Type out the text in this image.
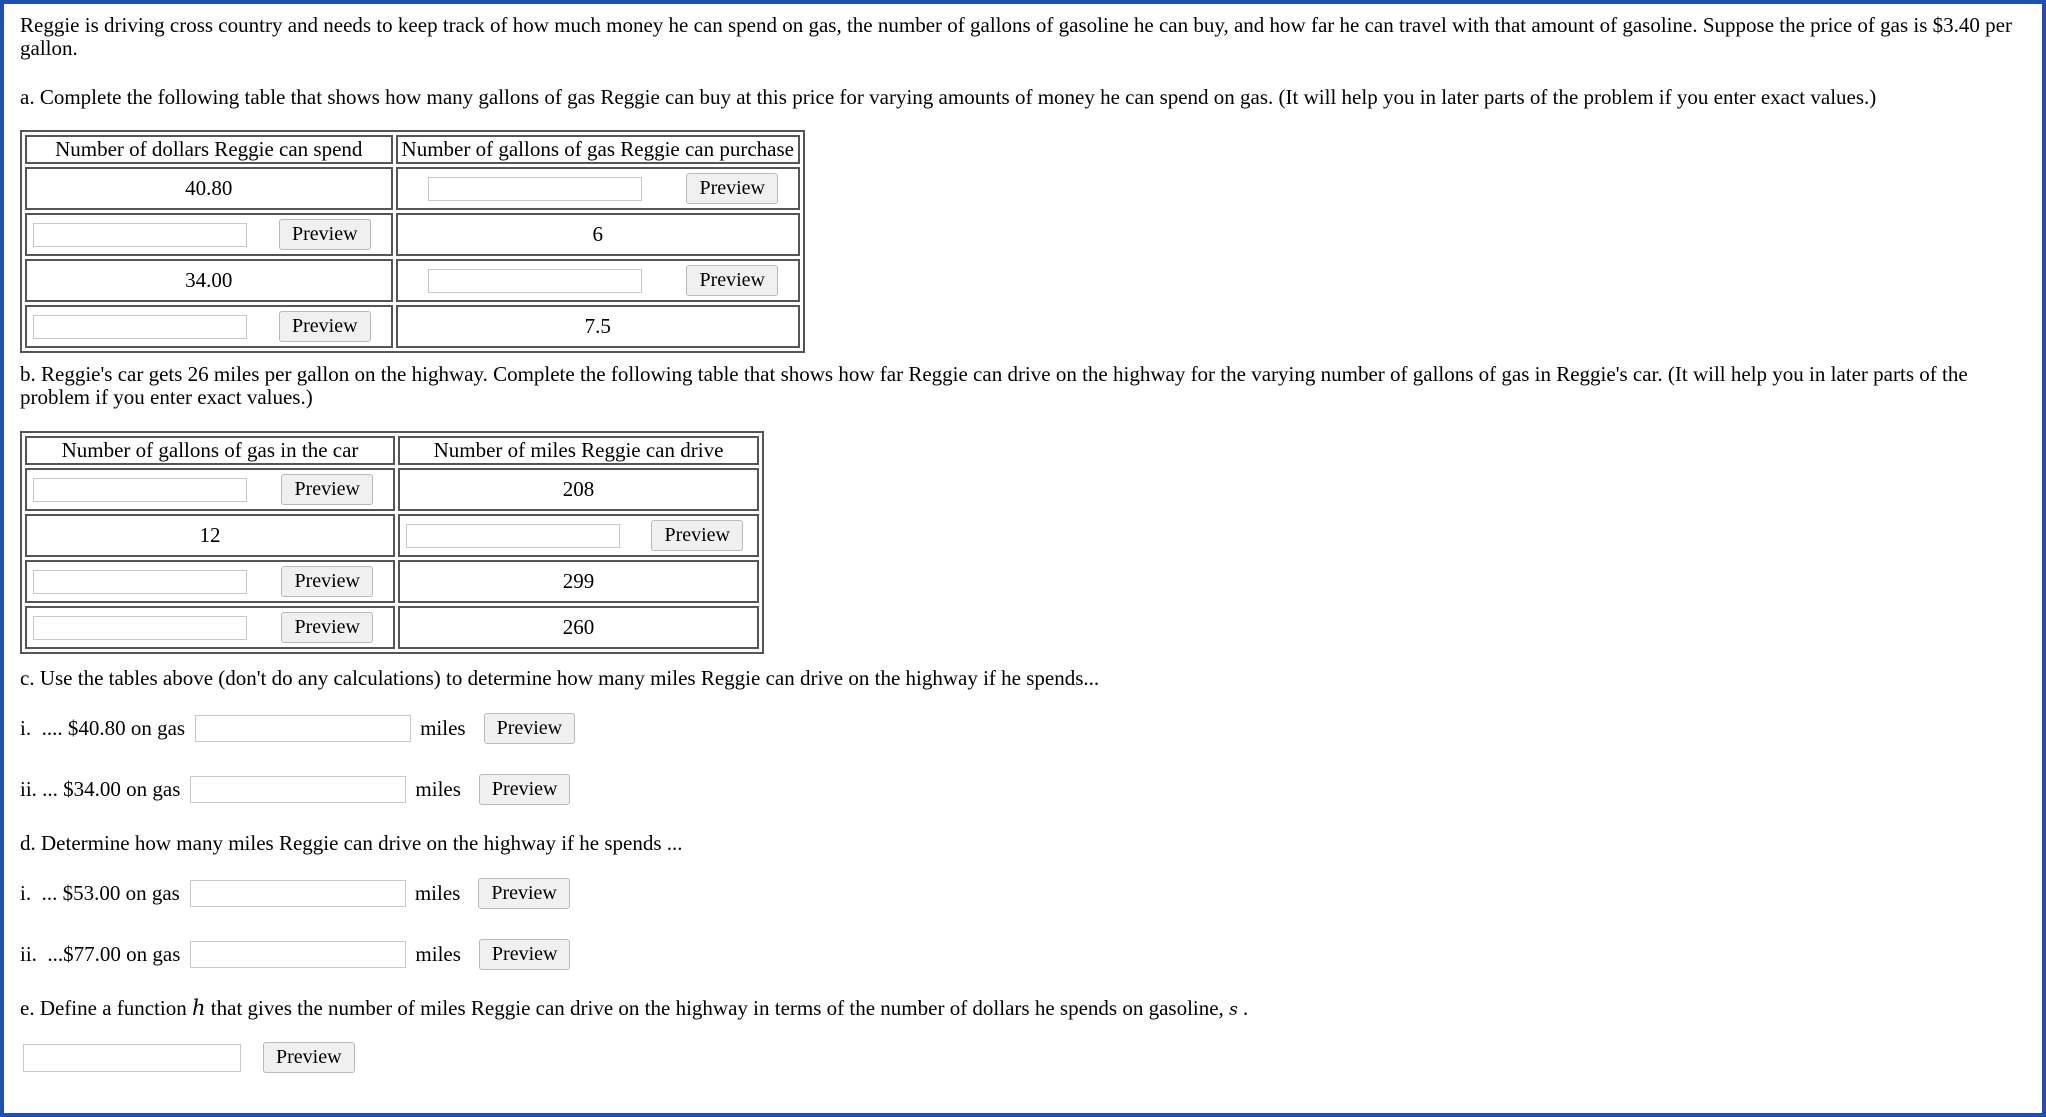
Reggie is driving cross country and needs to keep track of how much money he can spend on gas, the number of gallons of gasoline he can buy, and how far he can travel with that amount of gasoline. Suppose the price of gas is $3.40 per gallon.

a. Complete the following table that shows how many gallons of gas Reggie can buy at this price for varying amounts of money he can spend on gas. (It will help you in later parts of the problem if you enter exact values.)

Number of dollars Reggie can spend	Number of gallons of gas Reggie can purchase
40.80	Preview

Preview	6
34.00	Preview

Preview	7.5

b. Reggie's car gets 26 miles per gallon on the highway. Complete the following table that shows how far Reggie can drive on the highway for the varying number of gallons of gas in Reggie's car. (It will help you in later parts of the problem if you enter exact values.)

Number of gallons of gas in the car	Number of miles Reggie can drive

Preview	208
12	Preview

Preview	299

Preview	260

c. Use the tables above (don't do any calculations) to determine how many miles Reggie can drive on the highway if he spends...

i.  .... $40.80 on gas	miles	Preview
ii. ... $34.00 on gas	miles	Preview

d. Determine how many miles Reggie can drive on the highway if he spends ...

i.  ... $53.00 on gas	miles	Preview
ii.  ...$77.00 on gas	miles	Preview

e. Define a function h that gives the number of miles Reggie can drive on the highway in terms of the number of dollars he spends on gasoline, s .

Preview
